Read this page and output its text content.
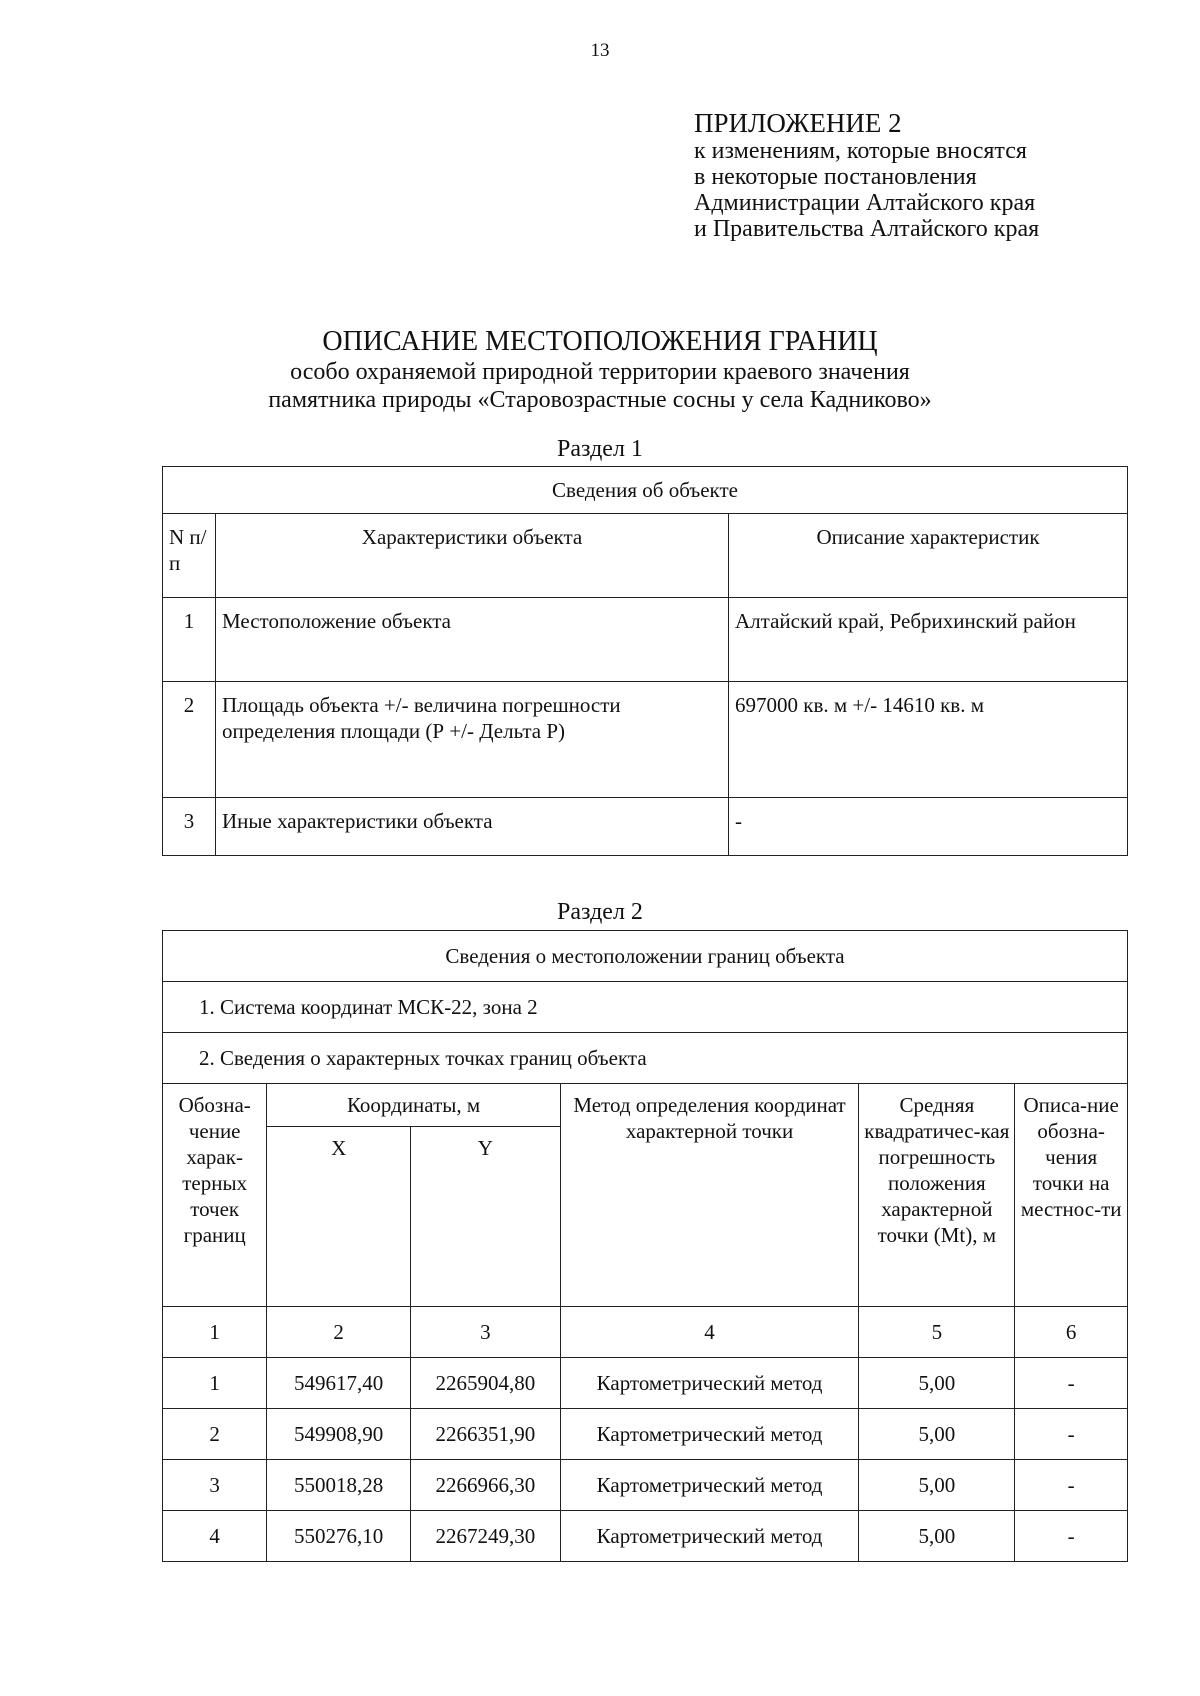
13
ПРИЛОЖЕНИЕ 2
к изменениям, которые вносятся
в некоторые постановления
Администрации Алтайского края
и Правительства Алтайского края
ОПИСАНИЕ МЕСТОПОЛОЖЕНИЯ ГРАНИЦ
особо охраняемой природной территории краевого значения
памятника природы «Старовозрастные сосны у села Кадниково»
Раздел 1
Сведения об объекте		
N п/п	Характеристики объекта	Описание характеристик
1	Местоположение объекта	Алтайский край, Ребрихинский район
2	Площадь объекта +/- величина погрешности определения площади (Р +/- Дельта Р)	697000 кв. м +/- 14610 кв. м
3	Иные характеристики объекта	-
Раздел 2
Сведения о местоположении границ объекта					
1. Система координат МСК-22, зона 2					
2. Сведения о характерных точках границ объекта					
Обозна-чение харак-терных точек границ	Координаты, м		Метод определения координат характерной точки	Средняя квадратичес-кая погрешность положения характерной точки (Mt), м	Описа-ние обозна-чения точки на местнос-ти
	X	Y			
1	2	3	4	5	6
1	549617,40	2265904,80	Картометрический метод	5,00	-
2	549908,90	2266351,90	Картометрический метод	5,00	-
3	550018,28	2266966,30	Картометрический метод	5,00	-
4	550276,10	2267249,30	Картометрический метод	5,00	-
